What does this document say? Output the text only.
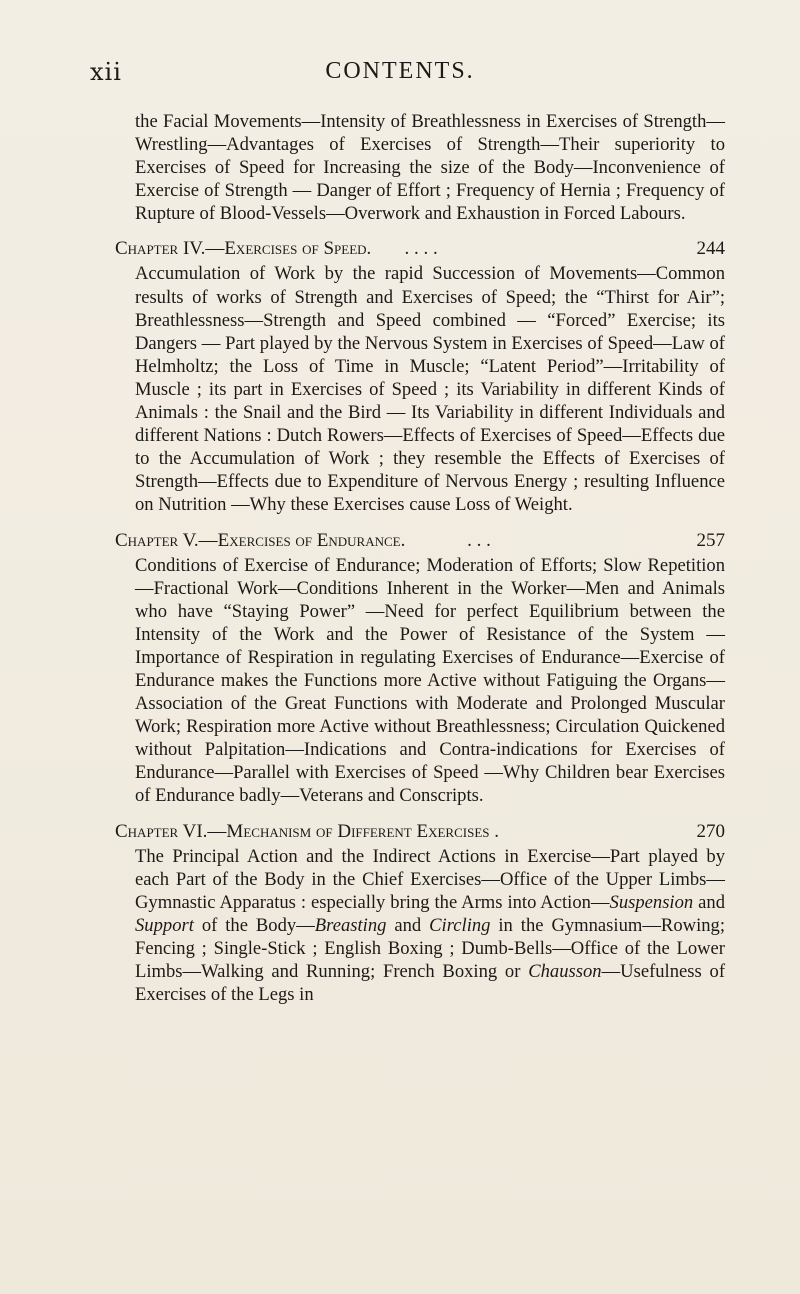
xii	CONTENTS.

the Facial Movements—Intensity of Breathlessness in Exercises of Strength—Wrestling—Advantages of Exercises of Strength—Their superiority to Exercises of Speed for Increasing the size of the Body—Inconvenience of Exercise of Strength — Danger of Effort ; Frequency of Hernia ; Frequency of Rupture of Blood-Vessels—Overwork and Exhaustion in Forced Labours.

Chapter IV.—Exercises of Speed. . . . .	244

Accumulation of Work by the rapid Succession of Movements—Common results of works of Strength and Exercises of Speed; the “Thirst for Air”; Breathlessness—Strength and Speed combined — “Forced” Exercise; its Dangers — Part played by the Nervous System in Exercises of Speed—Law of Helmholtz; the Loss of Time in Muscle; “Latent Period”—Irritability of Muscle ; its part in Exercises of Speed ; its Variability in different Kinds of Animals : the Snail and the Bird — Its Variability in different Individuals and different Nations : Dutch Rowers—Effects of Exercises of Speed—Effects due to the Accumulation of Work ; they resemble the Effects of Exercises of Strength—Effects due to Expenditure of Nervous Energy ; resulting Influence on Nutrition —Why these Exercises cause Loss of Weight.

Chapter V.—Exercises of Endurance.	. . .	257

Conditions of Exercise of Endurance; Moderation of Efforts; Slow Repetition—Fractional Work—Conditions Inherent in the Worker—Men and Animals who have “Staying Power” —Need for perfect Equilibrium between the Intensity of the Work and the Power of Resistance of the System — Importance of Respiration in regulating Exercises of Endurance—Exercise of Endurance makes the Functions more Active without Fatiguing the Organs—Association of the Great Functions with Moderate and Prolonged Muscular Work; Respiration more Active without Breathlessness; Circulation Quickened without Palpitation—Indications and Contra-indications for Exercises of Endurance—Parallel with Exercises of Speed —Why Children bear Exercises of Endurance badly—Veterans and Conscripts.

Chapter VI.—Mechanism of Different Exercises .	270

The Principal Action and the Indirect Actions in Exercise—Part played by each Part of the Body in the Chief Exercises—Office of the Upper Limbs—Gymnastic Apparatus : especially bring the Arms into Action—Suspension and Support of the Body—Breasting and Circling in the Gymnasium—Rowing; Fencing ; Single-Stick ; English Boxing ; Dumb-Bells—Office of the Lower Limbs—Walking and Running; French Boxing or Chausson—Usefulness of Exercises of the Legs in
